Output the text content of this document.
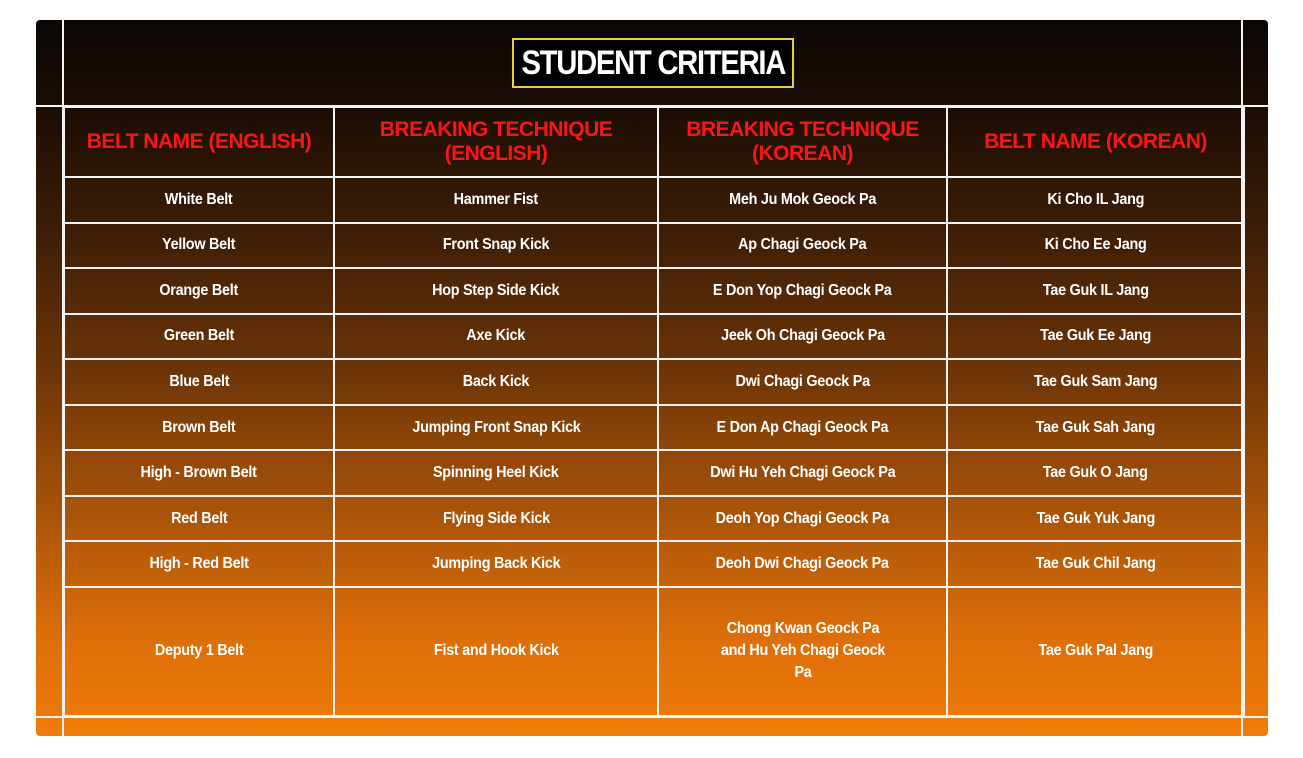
STUDENT CRITERIA
BELT NAME (ENGLISH)	BREAKING TECHNIQUE (ENGLISH)	BREAKING TECHNIQUE (KOREAN)	BELT NAME (KOREAN)
White Belt	Hammer Fist	Meh Ju Mok Geock Pa	Ki Cho IL Jang
Yellow Belt	Front Snap Kick	Ap Chagi Geock Pa	Ki Cho Ee Jang
Orange Belt	Hop Step Side Kick	E Don Yop Chagi Geock Pa	Tae Guk IL Jang
Green Belt	Axe Kick	Jeek Oh Chagi Geock Pa	Tae Guk Ee Jang
Blue Belt	Back Kick	Dwi Chagi Geock Pa	Tae Guk Sam Jang
Brown Belt	Jumping Front Snap Kick	E Don Ap Chagi Geock Pa	Tae Guk Sah Jang
High - Brown Belt	Spinning Heel Kick	Dwi Hu Yeh Chagi Geock Pa	Tae Guk O Jang
Red Belt	Flying Side Kick	Deoh Yop Chagi Geock Pa	Tae Guk Yuk Jang
High - Red Belt	Jumping Back Kick	Deoh Dwi Chagi Geock Pa	Tae Guk Chil Jang
Deputy 1 Belt	Fist and Hook Kick	Chong Kwan Geock Pa and Hu Yeh Chagi Geock Pa	Tae Guk Pal Jang
